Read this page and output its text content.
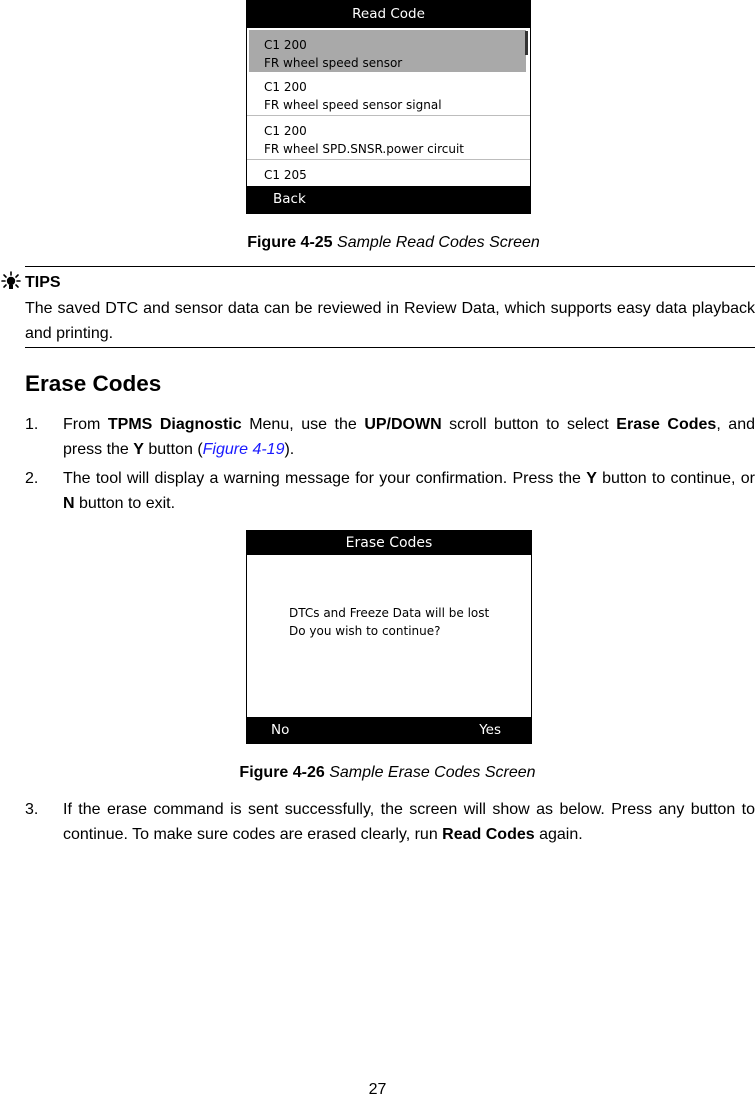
Read Code
C1 200
FR wheel speed sensor
C1 200
FR wheel speed sensor signal
C1 200
FR wheel SPD.SNSR.power circuit
C1 205
Back
Figure 4-25 Sample Read Codes Screen
TIPS
The saved DTC and sensor data can be reviewed in Review Data, which supports easy data playback and printing.
Erase Codes
1. From TPMS Diagnostic Menu, use the UP/DOWN scroll button to select Erase Codes, and press the Y button (Figure 4-19).
2. The tool will display a warning message for your confirmation. Press the Y button to continue, or N button to exit.
Erase Codes
DTCs and Freeze Data will be lost
Do you wish to continue?
No	Yes
Figure 4-26 Sample Erase Codes Screen
3. If the erase command is sent successfully, the screen will show as below. Press any button to continue. To make sure codes are erased clearly, run Read Codes again.
27
